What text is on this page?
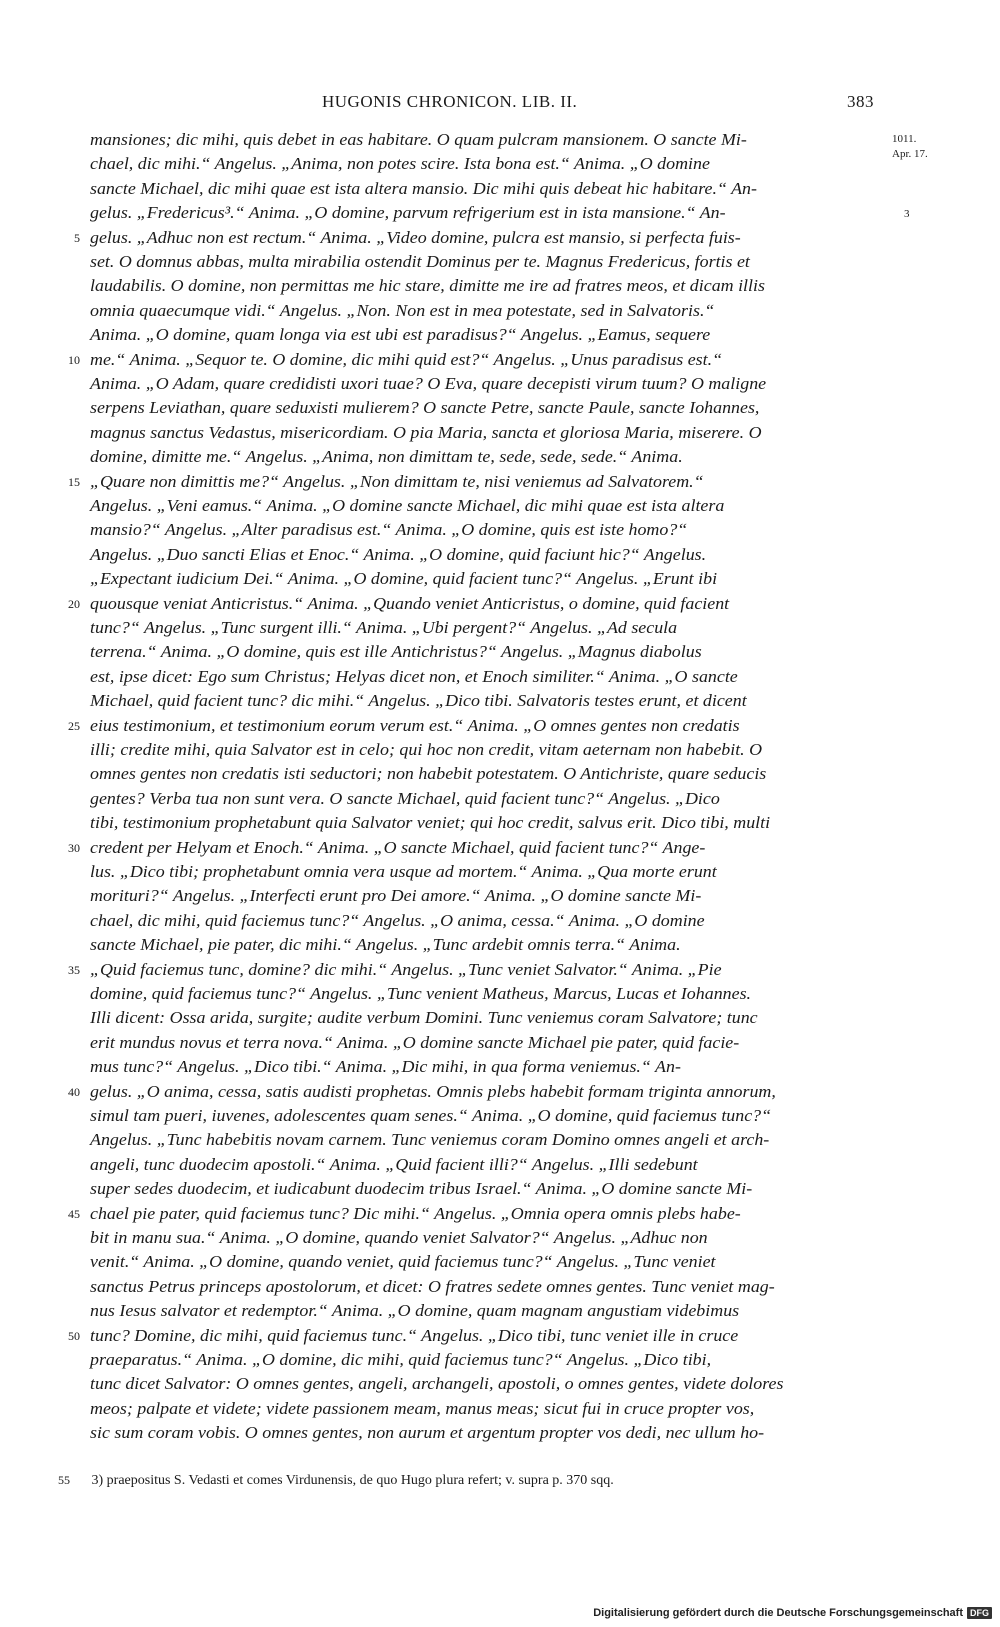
HUGONIS CHRONICON. LIB. II.	383
1011.
Apr. 17.
3
mansiones; dic mihi, quis debet in eas habitare. O quam pulcram mansionem. O sancte Mi-
chael, dic mihi.“ Angelus. „Anima, non potes scire. Ista bona est.“ Anima. „O domine
sancte Michael, dic mihi quae est ista altera mansio. Dic mihi quis debeat hic habitare.“ An-
gelus. „Fredericus³.“ Anima. „O domine, parvum refrigerium est in ista mansione.“ An-
gelus. „Adhuc non est rectum.“ Anima. „Video domine, pulcra est mansio, si perfecta fuis-
5
set. O domnus abbas, multa mirabilia ostendit Dominus per te. Magnus Fredericus, fortis et
laudabilis. O domine, non permittas me hic stare, dimitte me ire ad fratres meos, et dicam illis
omnia quaecumque vidi.“ Angelus. „Non. Non est in mea potestate, sed in Salvatoris.“
Anima. „O domine, quam longa via est ubi est paradisus?“ Angelus. „Eamus, sequere
me.“ Anima. „Sequor te. O domine, dic mihi quid est?“ Angelus. „Unus paradisus est.“
10
Anima. „O Adam, quare credidisti uxori tuae? O Eva, quare decepisti virum tuum? O maligne
serpens Leviathan, quare seduxisti mulierem? O sancte Petre, sancte Paule, sancte Iohannes,
magnus sanctus Vedastus, misericordiam. O pia Maria, sancta et gloriosa Maria, miserere. O
domine, dimitte me.“ Angelus. „Anima, non dimittam te, sede, sede, sede.“ Anima.
„Quare non dimittis me?“ Angelus. „Non dimittam te, nisi veniemus ad Salvatorem.“
15
Angelus. „Veni eamus.“ Anima. „O domine sancte Michael, dic mihi quae est ista altera
mansio?“ Angelus. „Alter paradisus est.“ Anima. „O domine, quis est iste homo?“
Angelus. „Duo sancti Elias et Enoc.“ Anima. „O domine, quid faciunt hic?“ Angelus.
„Expectant iudicium Dei.“ Anima. „O domine, quid facient tunc?“ Angelus. „Erunt ibi
quousque veniat Anticristus.“ Anima. „Quando veniet Anticristus, o domine, quid facient
20
tunc?“ Angelus. „Tunc surgent illi.“ Anima. „Ubi pergent?“ Angelus. „Ad secula
terrena.“ Anima. „O domine, quis est ille Antichristus?“ Angelus. „Magnus diabolus
est, ipse dicet: Ego sum Christus; Helyas dicet non, et Enoch similiter.“ Anima. „O sancte
Michael, quid facient tunc? dic mihi.“ Angelus. „Dico tibi. Salvatoris testes erunt, et dicent
eius testimonium, et testimonium eorum verum est.“ Anima. „O omnes gentes non credatis
25
illi; credite mihi, quia Salvator est in celo; qui hoc non credit, vitam aeternam non habebit. O
omnes gentes non credatis isti seductori; non habebit potestatem. O Antichriste, quare seducis
gentes? Verba tua non sunt vera. O sancte Michael, quid facient tunc?“ Angelus. „Dico
tibi, testimonium prophetabunt quia Salvator veniet; qui hoc credit, salvus erit. Dico tibi, multi
credent per Helyam et Enoch.“ Anima. „O sancte Michael, quid facient tunc?“ Ange-
30
lus. „Dico tibi; prophetabunt omnia vera usque ad mortem.“ Anima. „Qua morte erunt
morituri?“ Angelus. „Interfecti erunt pro Dei amore.“ Anima. „O domine sancte Mi-
chael, dic mihi, quid faciemus tunc?“ Angelus. „O anima, cessa.“ Anima. „O domine
sancte Michael, pie pater, dic mihi.“ Angelus. „Tunc ardebit omnis terra.“ Anima.
„Quid faciemus tunc, domine? dic mihi.“ Angelus. „Tunc veniet Salvator.“ Anima. „Pie
35
domine, quid faciemus tunc?“ Angelus. „Tunc venient Matheus, Marcus, Lucas et Iohannes.
Illi dicent: Ossa arida, surgite; audite verbum Domini. Tunc veniemus coram Salvatore; tunc
erit mundus novus et terra nova.“ Anima. „O domine sancte Michael pie pater, quid facie-
mus tunc?“ Angelus. „Dico tibi.“ Anima. „Dic mihi, in qua forma veniemus.“ An-
gelus. „O anima, cessa, satis audisti prophetas. Omnis plebs habebit formam triginta annorum,
40
simul tam pueri, iuvenes, adolescentes quam senes.“ Anima. „O domine, quid faciemus tunc?“
Angelus. „Tunc habebitis novam carnem. Tunc veniemus coram Domino omnes angeli et arch-
angeli, tunc duodecim apostoli.“ Anima. „Quid facient illi?“ Angelus. „Illi sedebunt
super sedes duodecim, et iudicabunt duodecim tribus Israel.“ Anima. „O domine sancte Mi-
chael pie pater, quid faciemus tunc? Dic mihi.“ Angelus. „Omnia opera omnis plebs habe-
45
bit in manu sua.“ Anima. „O domine, quando veniet Salvator?“ Angelus. „Adhuc non
venit.“ Anima. „O domine, quando veniet, quid faciemus tunc?“ Angelus. „Tunc veniet
sanctus Petrus princeps apostolorum, et dicet: O fratres sedete omnes gentes. Tunc veniet mag-
nus Iesus salvator et redemptor.“ Anima. „O domine, quam magnam angustiam videbimus
tunc? Domine, dic mihi, quid faciemus tunc.“ Angelus. „Dico tibi, tunc veniet ille in cruce
50
praeparatus.“ Anima. „O domine, dic mihi, quid faciemus tunc?“ Angelus. „Dico tibi,
tunc dicet Salvator: O omnes gentes, angeli, archangeli, apostoli, o omnes gentes, videte dolores
meos; palpate et videte; videte passionem meam, manus meas; sicut fui in cruce propter vos,
sic sum coram vobis. O omnes gentes, non aurum et argentum propter vos dedi, nec ullum ho-
55 3) praepositus S. Vedasti et comes Virdunensis, de quo Hugo plura refert; v. supra p. 370 sqq.
Digitalisierung gefördert durch die Deutsche Forschungsgemeinschaft DFG
